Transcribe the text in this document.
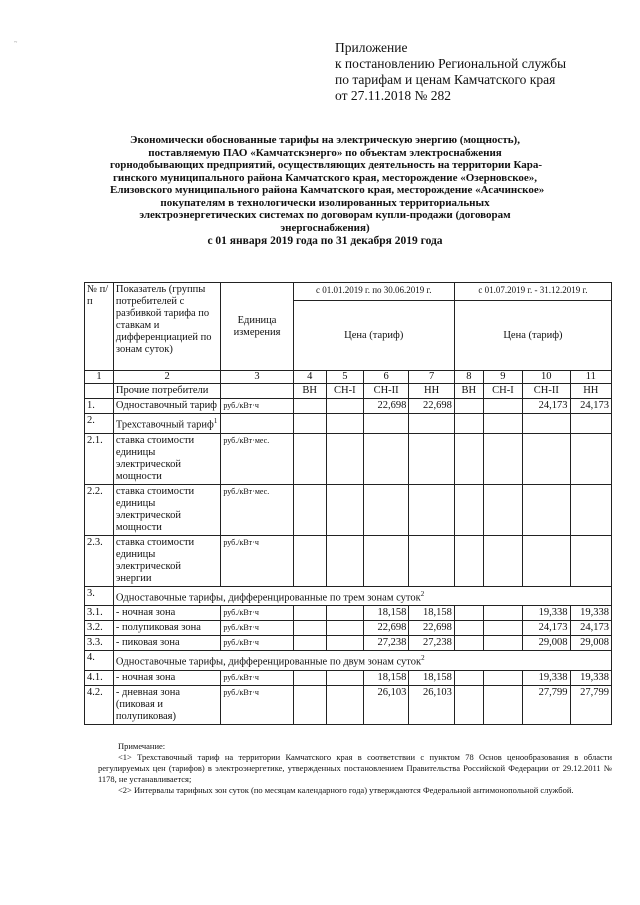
~	Приложение
к постановлению Региональной службы
по тарифам и ценам Камчатского края
от 27.11.2018 № 282
Экономически обоснованные тарифы на электрическую энергию (мощность),
поставляемую ПАО «Камчатскэнерго» по объектам электроснабжения
горнодобывающих предприятий, осуществляющих деятельность на территории Кара-
гинского муниципального района Камчатского края, месторождение «Озерновское»,
Елизовского муниципального района Камчатского края, месторождение «Асачинское»
покупателям в технологически изолированных территориальных
электроэнергетических системах по договорам купли-продажи (договорам
энергоснабжения)
с 01 января 2019 года по 31 декабря 2019 года
№ п/п	Показатель (группы потребителей с разбивкой тарифа по ставкам и дифференциацией по зонам суток)	Единица измерения	с 01.01.2019 г. по 30.06.2019 г.				с 01.07.2019 г. - 31.12.2019 г.			
			Цена (тариф)				Цена (тариф)			
1	2	3	4	5	6	7	8	9	10	11
	Прочие потребители		ВН	СН-I	СН-II	НН	ВН	СН-I	СН-II	НН
1.	Одноставочный тариф	руб./кВт·ч			22,698	22,698			24,173	24,173
2.	Трехставочный тариф$^1$									
2.1.	ставка стоимости единицы электрической мощности	руб./кВт·мес.								
2.2.	ставка стоимости единицы электрической мощности	руб./кВт·мес.								
2.3.	ставка стоимости единицы электрической энергии	руб./кВт·ч								
3.	Одноставочные тарифы, дифференцированные по трем зонам суток$^2$
3.1.	- ночная зона	руб./кВт·ч			18,158	18,158			19,338	19,338
3.2.	- полупиковая зона	руб./кВт·ч			22,698	22,698			24,173	24,173
3.3.	- пиковая зона	руб./кВт·ч			27,238	27,238			29,008	29,008
4.	Одноставочные тарифы, дифференцированные по двум зонам суток$^2$
4.1.	- ночная зона	руб./кВт·ч			18,158	18,158			19,338	19,338
4.2.	- дневная зона (пиковая и полупиковая)	руб./кВт·ч			26,103	26,103			27,799	27,799
Примечание:

<1> Трехставочный тариф на территории Камчатского края в соответствии с пунктом 78 Основ ценообразования в области регулируемых цен (тарифов) в электроэнергетике, утвержденных постановлением Правительства Российской Федерации от 29.12.2011 № 1178, не устанавливается;

<2> Интервалы тарифных зон суток (по месяцам календарного года) утверждаются Федеральной антимонопольной службой.
